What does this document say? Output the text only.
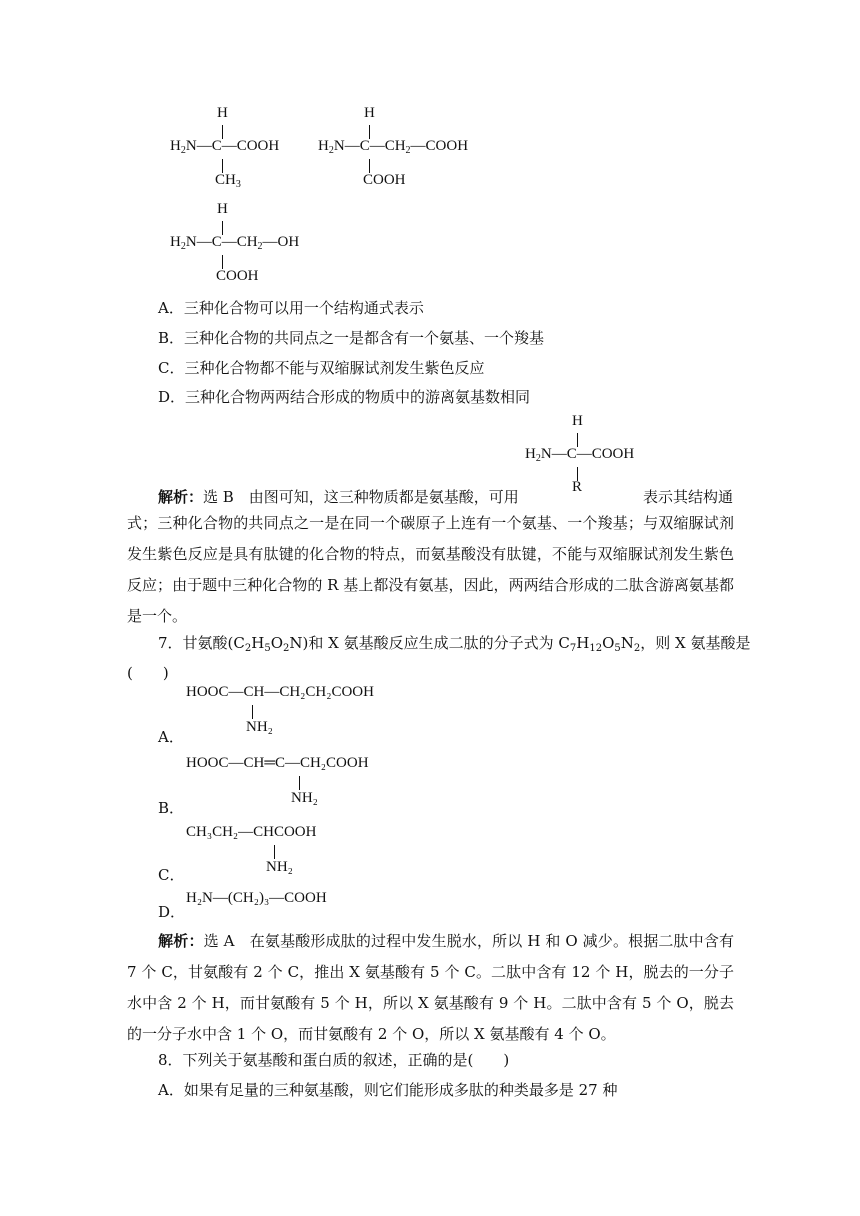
H
$H_2N—C—COOH$
$CH_3$
H
$H_2N—C—CH_2—COOH$
COOH
H
$H_2N—C—CH_2—OH$
COOH
A．三种化合物可以用一个结构通式表示
B．三种化合物的共同点之一是都含有一个氨基、一个羧基
C．三种化合物都不能与双缩脲试剂发生紫色反应
D．三种化合物两两结合形成的物质中的游离氨基数相同
H
$H_2N—C—COOH$
R
解析：选 B　由图可知，这三种物质都是氨基酸，可用	表示其结构通
式；三种化合物的共同点之一是在同一个碳原子上连有一个氨基、一个羧基；与双缩脲试剂发生紫色反应是具有肽键的化合物的特点，而氨基酸没有肽键，不能与双缩脲试剂发生紫色反应；由于题中三种化合物的 R 基上都没有氨基，因此，两两结合形成的二肽含游离氨基都是一个。
7．甘氨酸$(C_2H_5O_2N)$和 X 氨基酸反应生成二肽的分子式为 $C_7H_{12}O_5N_2$，则 X 氨基酸是
(　　)
A．
HOOC—CH—CH₂CH₂COOH
NH₂
B．
HOOC—CH═C—CH₂COOH
NH₂
C．
CH₃CH₂—CHCOOH
NH₂
D．
H₂N—(CH₂)₃—COOH
解析：选 A　在氨基酸形成肽的过程中发生脱水，所以 H 和 O 减少。根据二肽中含有 7 个 C，甘氨酸有 2 个 C，推出 X 氨基酸有 5 个 C。二肽中含有 12 个 H，脱去的一分子水中含 2 个 H，而甘氨酸有 5 个 H，所以 X 氨基酸有 9 个 H。二肽中含有 5 个 O，脱去的一分子水中含 1 个 O，而甘氨酸有 2 个 O，所以 X 氨基酸有 4 个 O。
8．下列关于氨基酸和蛋白质的叙述，正确的是(　　)
A．如果有足量的三种氨基酸，则它们能形成多肽的种类最多是 27 种
